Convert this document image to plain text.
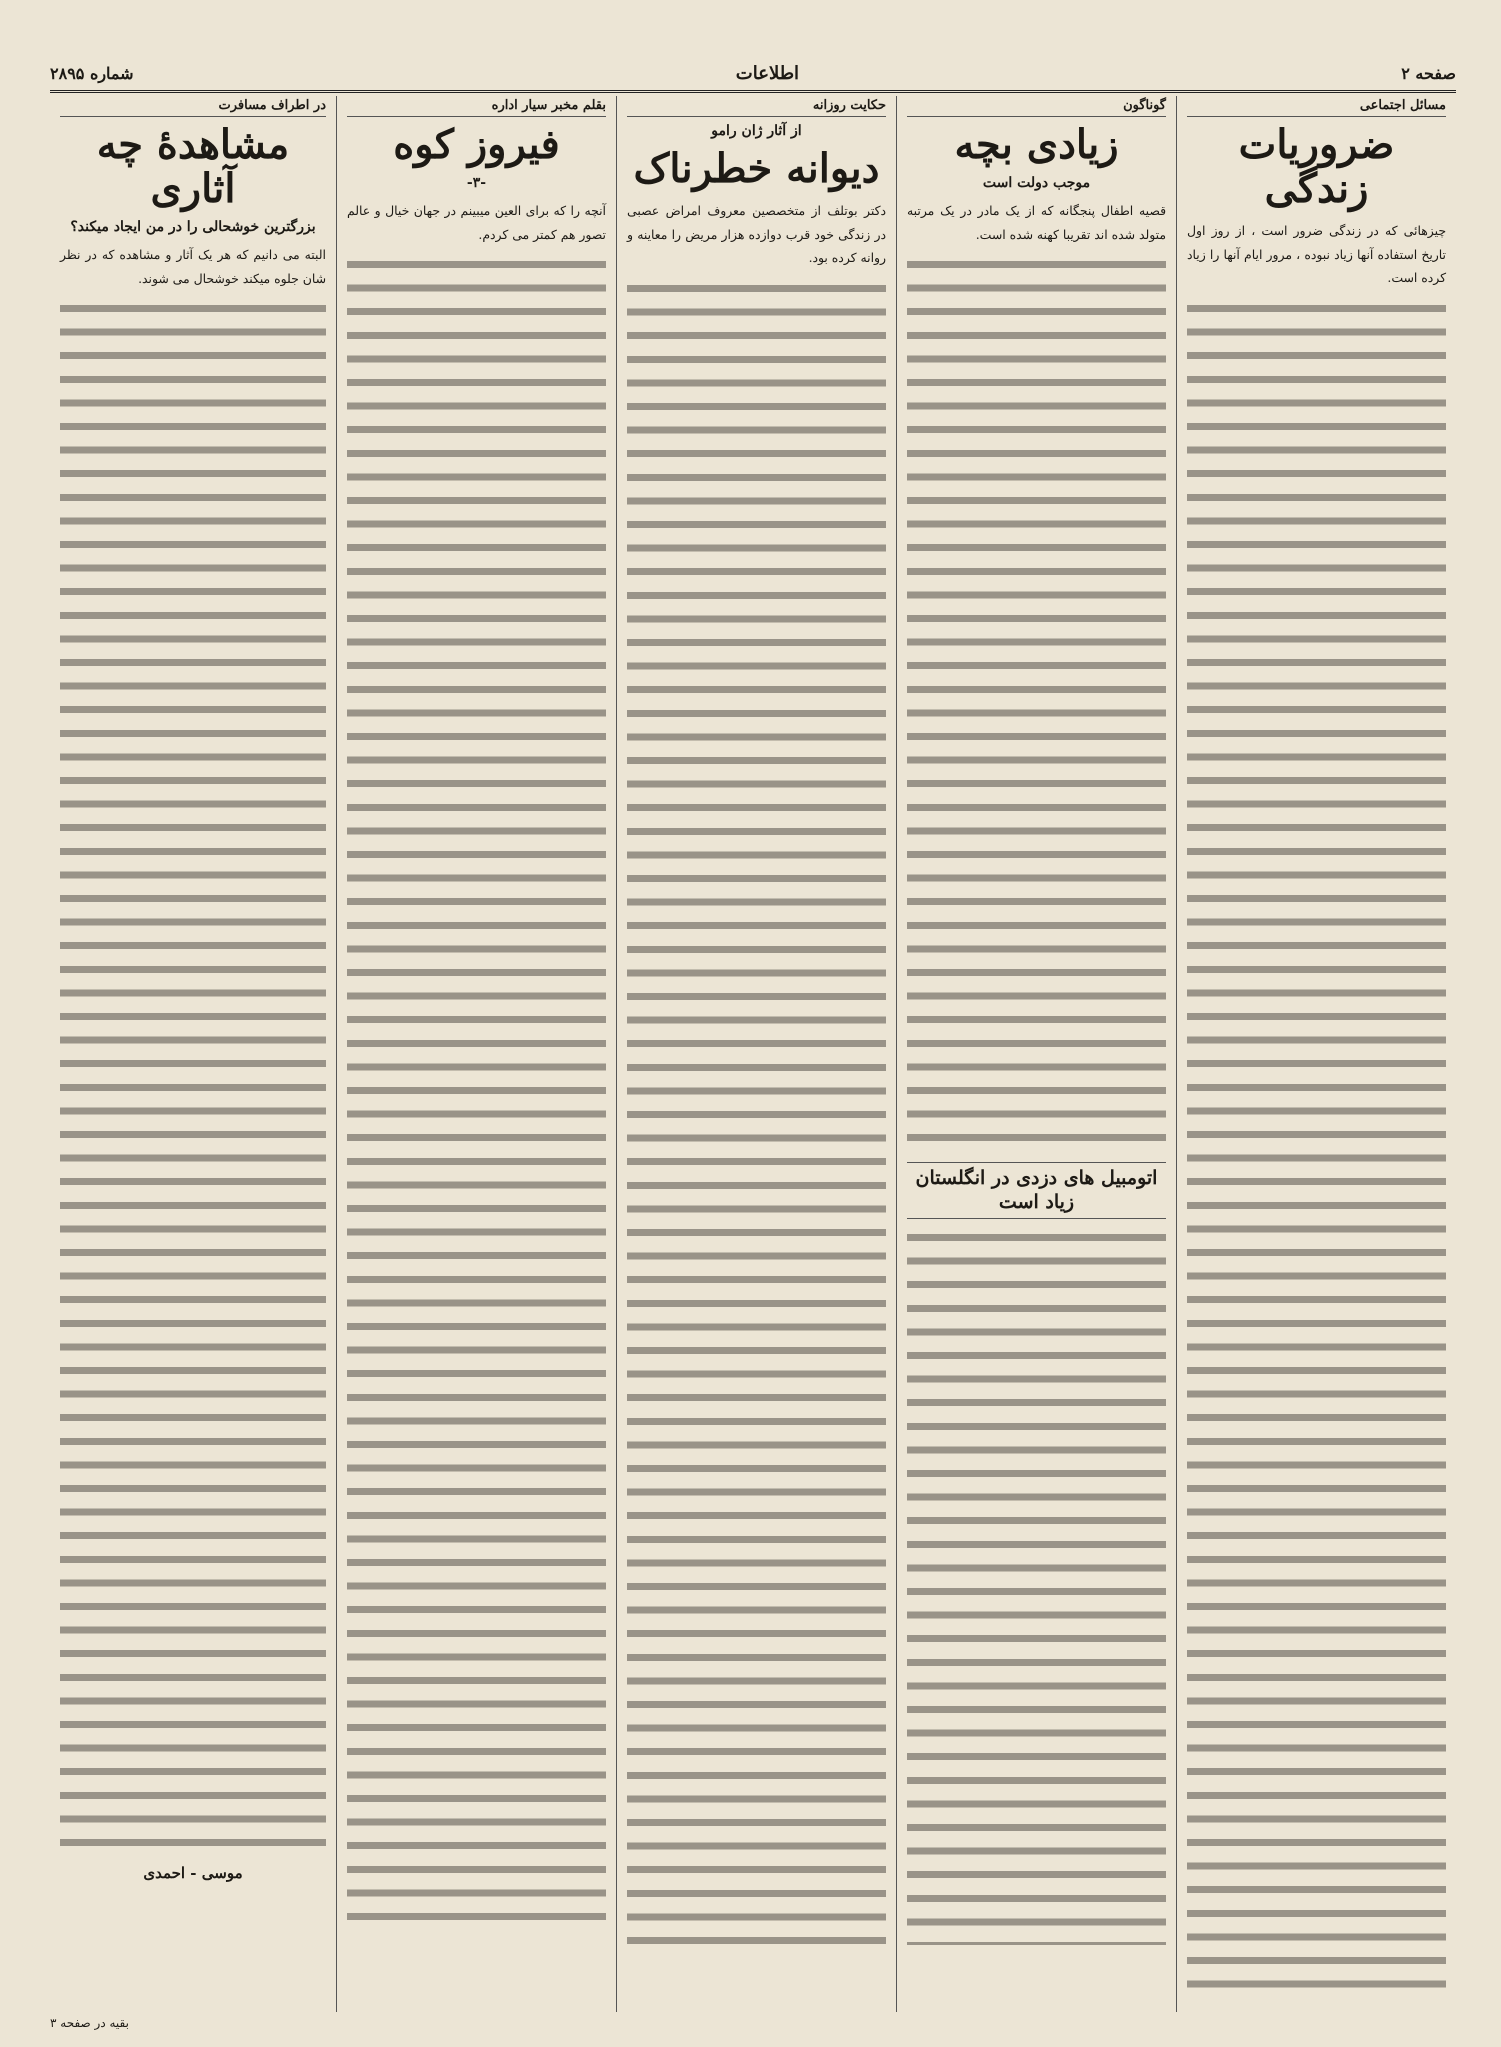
صفحه ۲
اطلاعات
شماره ۲۸۹۵
مسائل اجتماعی
ضروریات زندگی

چیزهائی که در زندگی ضرور است ، از روز اول تاریخ استفاده آنها زیاد نبوده ، مرور ایام آنها را زیاد کرده است.

گوناگون
زیادی بچه
موجب دولت است

قصیه اطفال پنجگانه که از یک مادر در یک مرتبه متولد شده اند تقریبا کهنه شده است.

اتومبیل های دزدی در انگلستان زیاد است
حکایت روزانه
از آثار ژان رامو
دیوانه خطرناک

دکتر بوتلف از متخصصین معروف امراض عصبی در زندگی خود قرب دوازده هزار مریض را معاینه و روانه کرده بود.

بقلم مخبر سیار اداره
فیروز کوه
-۳-

آنچه را که برای العین میبینم در جهان خیال و عالم تصور هم کمتر می کردم.

در اطراف مسافرت
مشاهدهٔ چه آثاری
بزرگترین خوشحالی را در من ایجاد میکند؟

البته می دانیم که هر یک آثار و مشاهده که در نظر شان جلوه میکند خوشحال می شوند.

موسی - احمدی
بقیه در صفحه ۳
